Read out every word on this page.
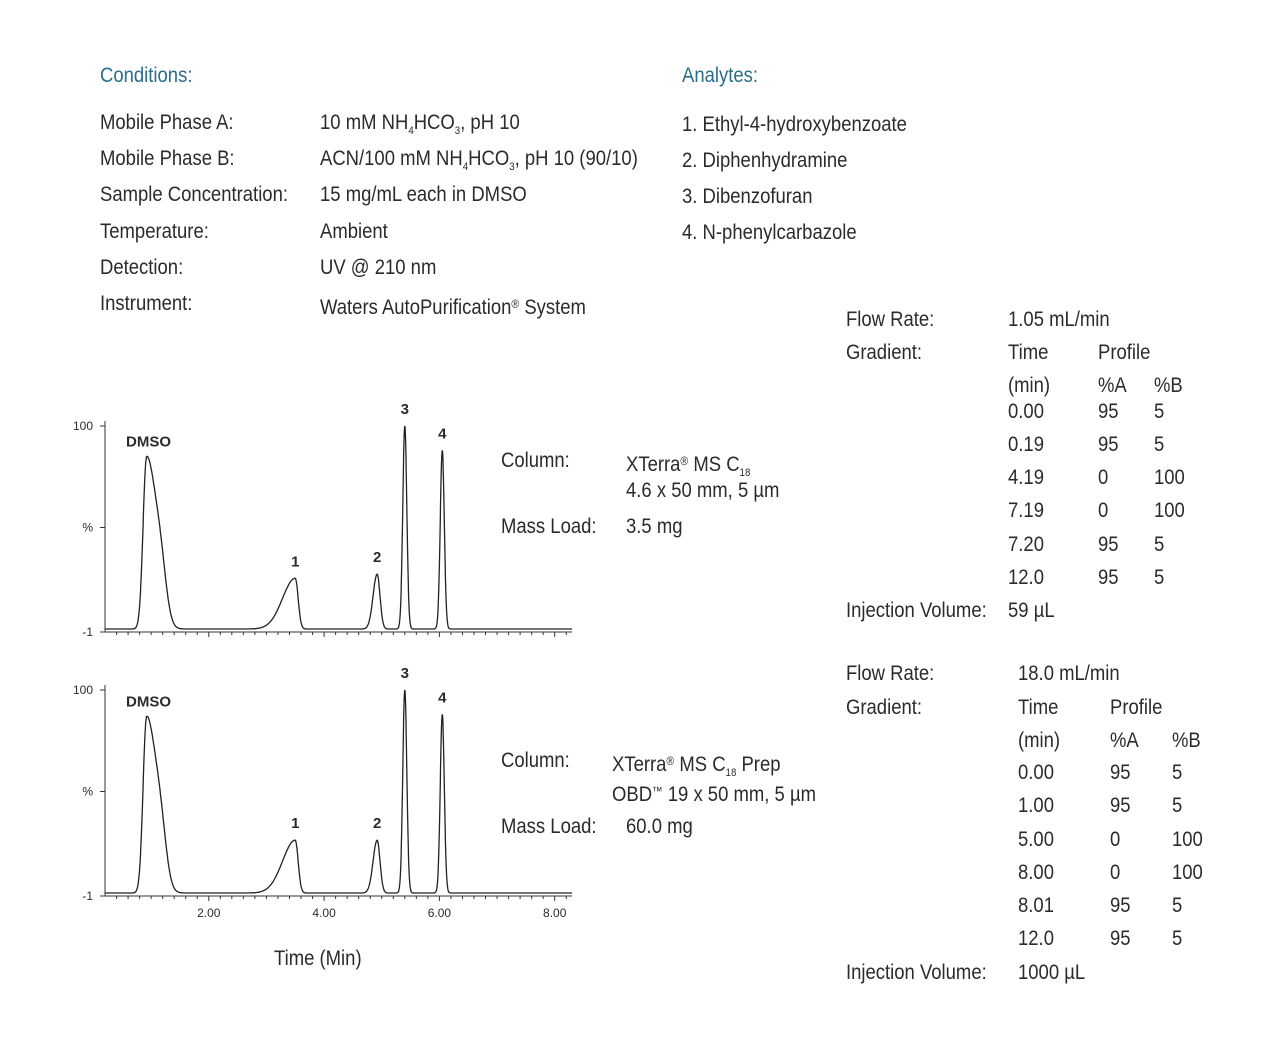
Conditions:
Mobile Phase A:	10 mM $NH_4HCO_3$, pH 10
Mobile Phase B:	ACN/100 mM $NH_4HCO_3$, pH 10 (90/10)
Sample Concentration: 15 mg/mL each in DMSO
Temperature:	Ambient
Detection:	UV @ 210 nm
Instrument:	Waters AutoPurification® System
Analytes:
1. Ethyl-4-hydroxybenzoate
2. Diphenhydramine
3. Dibenzofuran
4. N-phenylcarbazole
Column:	XTerra® MS $C_{18}$
4.6 x 50 mm, 5 µm
Mass Load: 3.5 mg
Flow Rate:	1.05 mL/min
Gradient:	Time Profile
(min) %A %B
0.00	95 5
0.19	95 5
4.19	0 100
7.19	0 100
7.20	95 5
12.0	95 5
Injection Volume: 59 µL
Column: XTerra® MS $C_{18}$ Prep
OBD™ 19 x 50 mm, 5 µm
Mass Load: 60.0 mg
Flow Rate:	18.0 mL/min
Gradient:	Time Profile
(min) %A %B
0.00	95 5
1.00	95 5
5.00	0 100
8.00	0 100
8.01	95 5
12.0	95 5
Injection Volume: 1000 µL
100
%
-1
DMSO
1	2
3
4
100
%
-1
2.00	4.00	6.00	8.00
DMSO
1	2
3
4
Time (Min)
